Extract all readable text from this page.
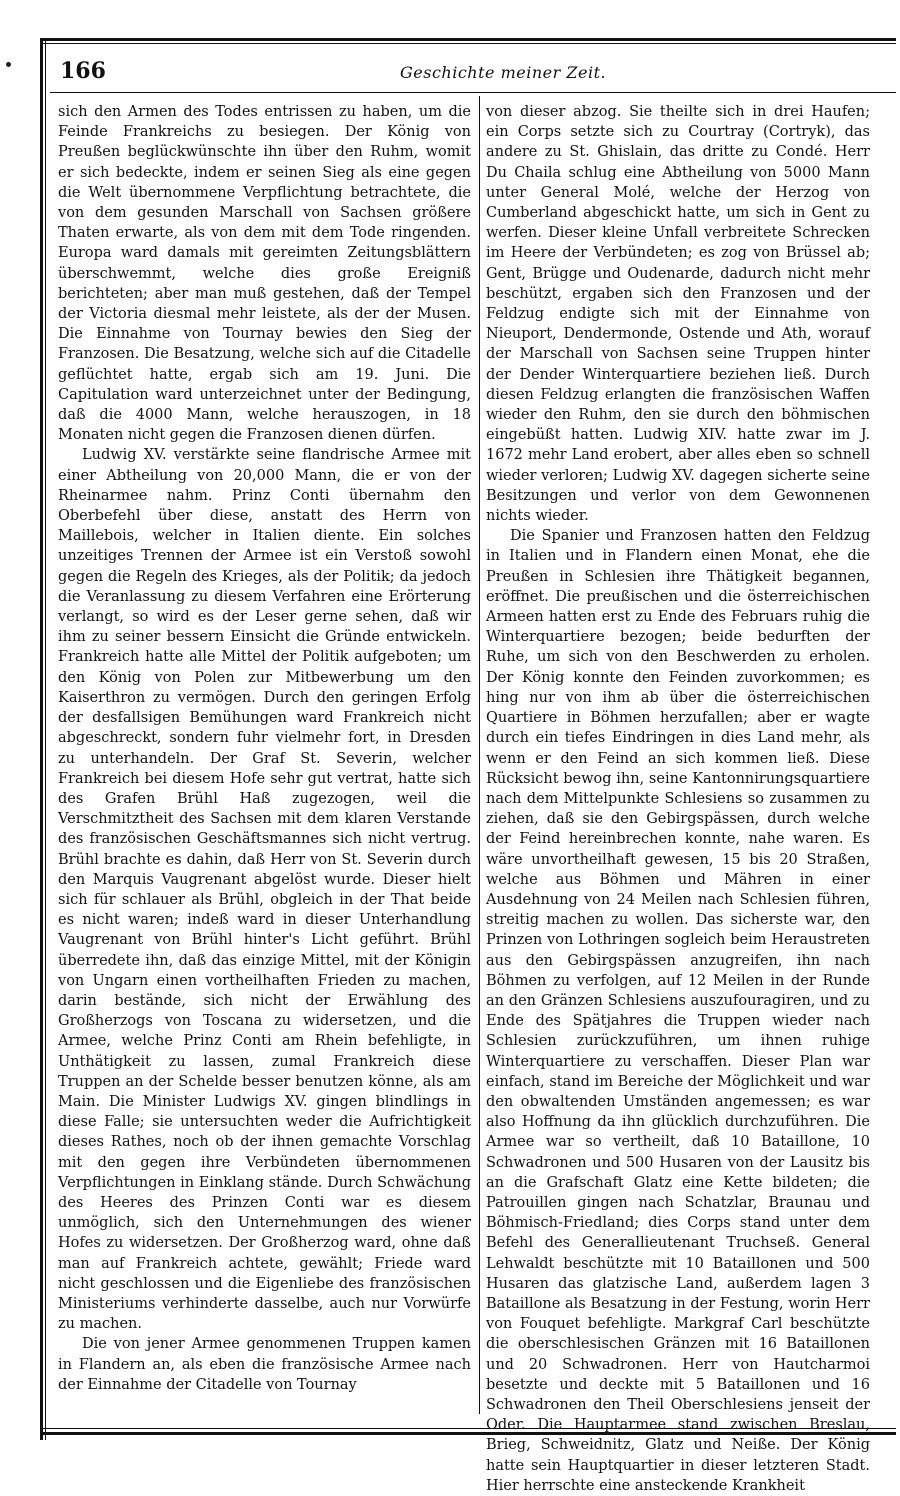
166	Geschichte meiner Zeit.

sich den Armen des Todes entrissen zu haben, um die Feinde Frankreichs zu besiegen. Der König von Preußen beglückwünschte ihn über den Ruhm, womit er sich bedeckte, indem er seinen Sieg als eine gegen die Welt übernommene Verpflichtung betrachtete, die von dem gesunden Marschall von Sachsen größere Thaten erwarte, als von dem mit dem Tode ringenden. Europa ward damals mit gereimten Zeitungsblättern überschwemmt, welche dies große Ereigniß berichteten; aber man muß gestehen, daß der Tempel der Victoria diesmal mehr leistete, als der der Musen. Die Einnahme von Tournay bewies den Sieg der Franzosen. Die Besatzung, welche sich auf die Citadelle geflüchtet hatte, ergab sich am 19. Juni. Die Capitulation ward unterzeichnet unter der Bedingung, daß die 4000 Mann, welche herauszogen, in 18 Monaten nicht gegen die Franzosen dienen dürfen.

Ludwig XV. verstärkte seine flandrische Armee mit einer Abtheilung von 20,000 Mann, die er von der Rheinarmee nahm. Prinz Conti übernahm den Oberbefehl über diese, anstatt des Herrn von Maillebois, welcher in Italien diente. Ein solches unzeitiges Trennen der Armee ist ein Verstoß sowohl gegen die Regeln des Krieges, als der Politik; da jedoch die Veranlassung zu diesem Verfahren eine Erörterung verlangt, so wird es der Leser gerne sehen, daß wir ihm zu seiner bessern Einsicht die Gründe entwickeln. Frankreich hatte alle Mittel der Politik aufgeboten; um den König von Polen zur Mitbewerbung um den Kaiserthron zu vermögen. Durch den geringen Erfolg der desfallsigen Bemühungen ward Frankreich nicht abgeschreckt, sondern fuhr vielmehr fort, in Dresden zu unterhandeln. Der Graf St. Severin, welcher Frankreich bei diesem Hofe sehr gut vertrat, hatte sich des Grafen Brühl Haß zugezogen, weil die Verschmitztheit des Sachsen mit dem klaren Verstande des französischen Geschäftsmannes sich nicht vertrug. Brühl brachte es dahin, daß Herr von St. Severin durch den Marquis Vaugrenant abgelöst wurde. Dieser hielt sich für schlauer als Brühl, obgleich in der That beide es nicht waren; indeß ward in dieser Unterhandlung Vaugrenant von Brühl hinter's Licht geführt. Brühl überredete ihn, daß das einzige Mittel, mit der Königin von Ungarn einen vortheilhaften Frieden zu machen, darin bestände, sich nicht der Erwählung des Großherzogs von Toscana zu widersetzen, und die Armee, welche Prinz Conti am Rhein befehligte, in Unthätigkeit zu lassen, zumal Frankreich diese Truppen an der Schelde besser benutzen könne, als am Main. Die Minister Ludwigs XV. gingen blindlings in diese Falle; sie untersuchten weder die Aufrichtigkeit dieses Rathes, noch ob der ihnen gemachte Vorschlag mit den gegen ihre Verbündeten übernommenen Verpflichtungen in Einklang stände. Durch Schwächung des Heeres des Prinzen Conti war es diesem unmöglich, sich den Unternehmungen des wiener Hofes zu widersetzen. Der Großherzog ward, ohne daß man auf Frankreich achtete, gewählt; Friede ward nicht geschlossen und die Eigenliebe des französischen Ministeriums verhinderte dasselbe, auch nur Vorwürfe zu machen.

Die von jener Armee genommenen Truppen kamen in Flandern an, als eben die französische Armee nach der Einnahme der Citadelle von Tournay

von dieser abzog. Sie theilte sich in drei Haufen; ein Corps setzte sich zu Courtray (Cortryk), das andere zu St. Ghislain, das dritte zu Condé. Herr Du Chaila schlug eine Abtheilung von 5000 Mann unter General Molé, welche der Herzog von Cumberland abgeschickt hatte, um sich in Gent zu werfen. Dieser kleine Unfall verbreitete Schrecken im Heere der Verbündeten; es zog von Brüssel ab; Gent, Brügge und Oudenarde, dadurch nicht mehr beschützt, ergaben sich den Franzosen und der Feldzug endigte sich mit der Einnahme von Nieuport, Dendermonde, Ostende und Ath, worauf der Marschall von Sachsen seine Truppen hinter der Dender Winterquartiere beziehen ließ. Durch diesen Feldzug erlangten die französischen Waffen wieder den Ruhm, den sie durch den böhmischen eingebüßt hatten. Ludwig XIV. hatte zwar im J. 1672 mehr Land erobert, aber alles eben so schnell wieder verloren; Ludwig XV. dagegen sicherte seine Besitzungen und verlor von dem Gewonnenen nichts wieder.

Die Spanier und Franzosen hatten den Feldzug in Italien und in Flandern einen Monat, ehe die Preußen in Schlesien ihre Thätigkeit begannen, eröffnet. Die preußischen und die österreichischen Armeen hatten erst zu Ende des Februars ruhig die Winterquartiere bezogen; beide bedurften der Ruhe, um sich von den Beschwerden zu erholen. Der König konnte den Feinden zuvorkommen; es hing nur von ihm ab über die österreichischen Quartiere in Böhmen herzufallen; aber er wagte durch ein tiefes Eindringen in dies Land mehr, als wenn er den Feind an sich kommen ließ. Diese Rücksicht bewog ihn, seine Kantonnirungsquartiere nach dem Mittelpunkte Schlesiens so zusammen zu ziehen, daß sie den Gebirgspässen, durch welche der Feind hereinbrechen konnte, nahe waren. Es wäre unvortheilhaft gewesen, 15 bis 20 Straßen, welche aus Böhmen und Mähren in einer Ausdehnung von 24 Meilen nach Schlesien führen, streitig machen zu wollen. Das sicherste war, den Prinzen von Lothringen sogleich beim Heraustreten aus den Gebirgspässen anzugreifen, ihn nach Böhmen zu verfolgen, auf 12 Meilen in der Runde an den Gränzen Schlesiens auszufouragiren, und zu Ende des Spätjahres die Truppen wieder nach Schlesien zurückzuführen, um ihnen ruhige Winterquartiere zu verschaffen. Dieser Plan war einfach, stand im Bereiche der Möglichkeit und war den obwaltenden Umständen angemessen; es war also Hoffnung da ihn glücklich durchzuführen. Die Armee war so vertheilt, daß 10 Bataillone, 10 Schwadronen und 500 Husaren von der Lausitz bis an die Grafschaft Glatz eine Kette bildeten; die Patrouillen gingen nach Schatzlar, Braunau und Böhmisch-Friedland; dies Corps stand unter dem Befehl des Generallieutenant Truchseß. General Lehwaldt beschützte mit 10 Bataillonen und 500 Husaren das glatzische Land, außerdem lagen 3 Bataillone als Besatzung in der Festung, worin Herr von Fouquet befehligte. Markgraf Carl beschützte die oberschlesischen Gränzen mit 16 Bataillonen und 20 Schwadronen. Herr von Hautcharmoi besetzte und deckte mit 5 Bataillonen und 16 Schwadronen den Theil Oberschlesiens jenseit der Oder. Die Hauptarmee stand zwischen Breslau, Brieg, Schweidnitz, Glatz und Neiße. Der König hatte sein Hauptquartier in dieser letzteren Stadt. Hier herrschte eine ansteckende Krankheit
